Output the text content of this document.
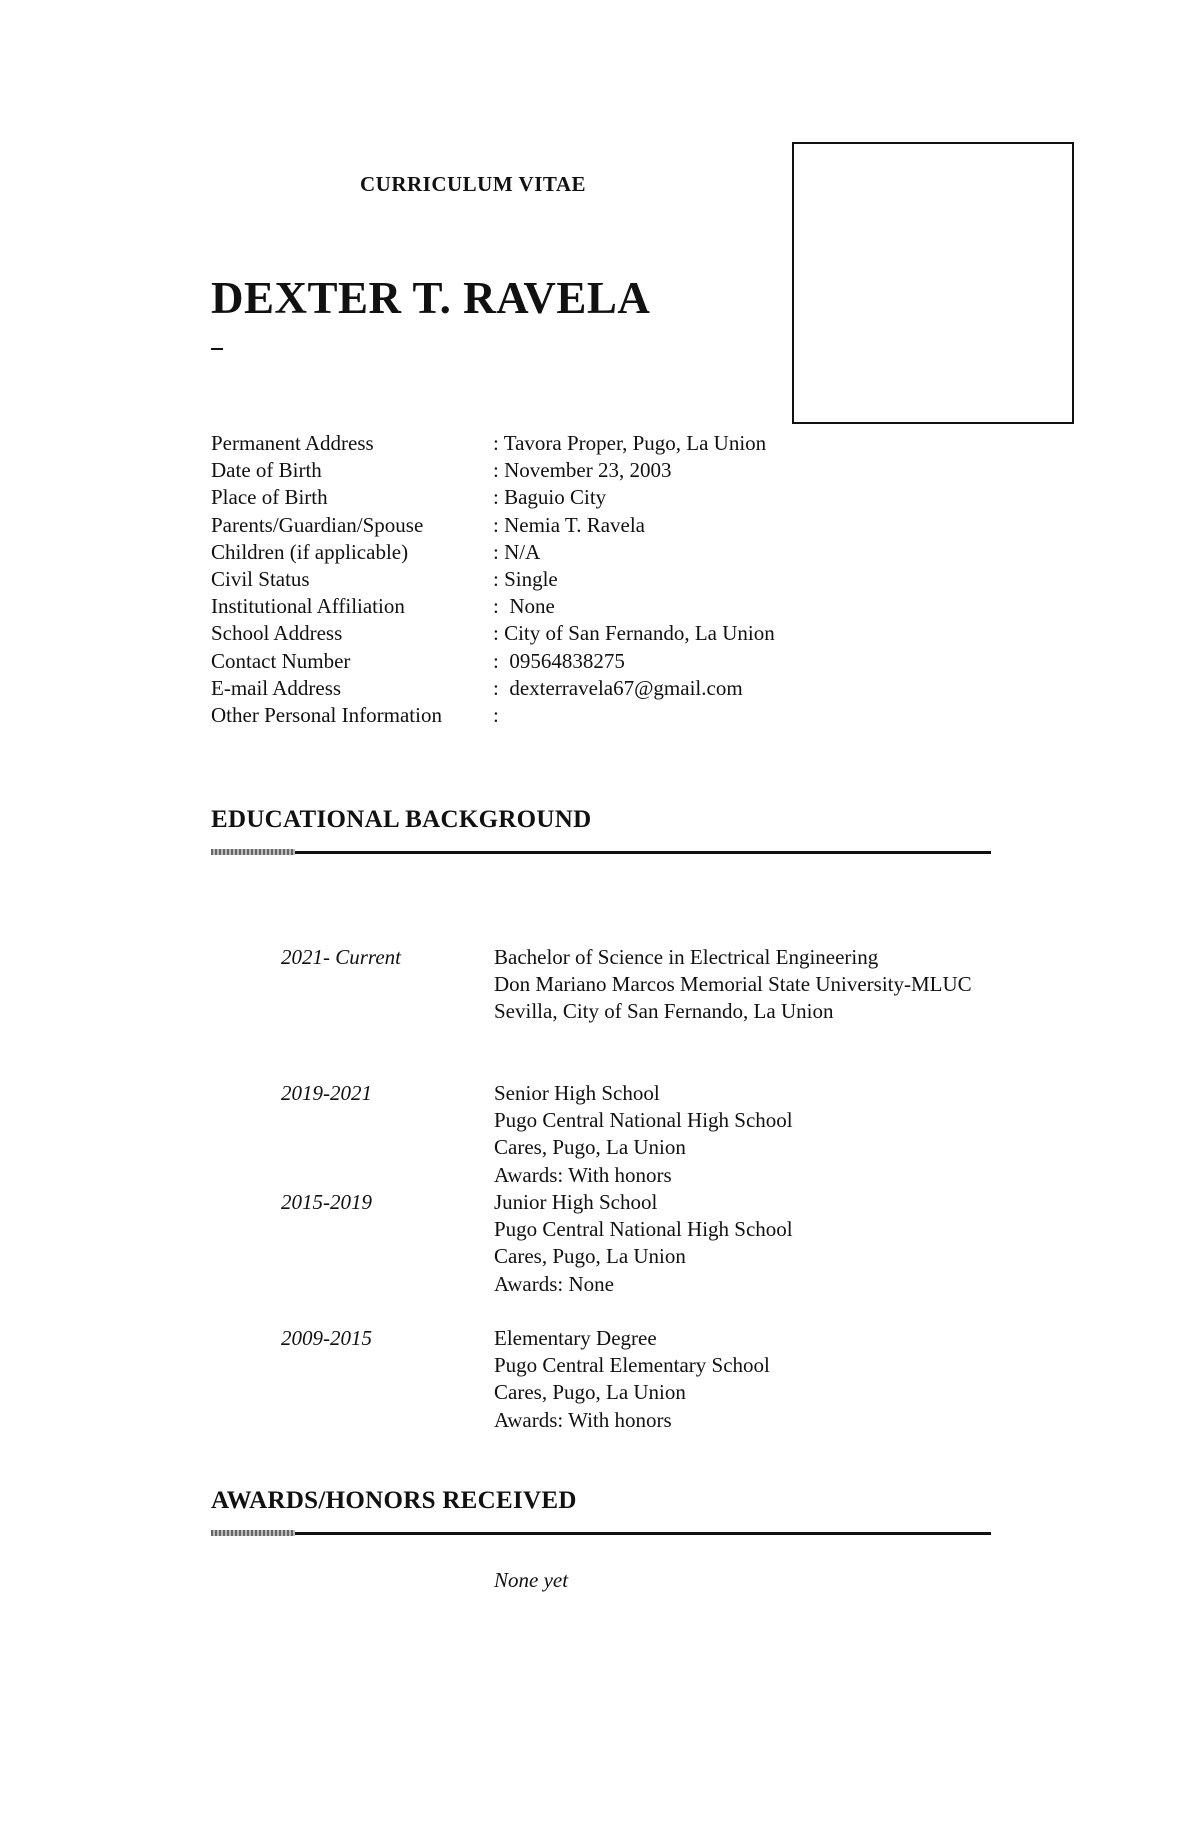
CURRICULUM VITAE
DEXTER T. RAVELA
Permanent Address	: Tavora Proper, Pugo, La Union
Date of Birth	: November 23, 2003
Place of Birth	: Baguio City
Parents/Guardian/Spouse	: Nemia T. Ravela
Children (if applicable)	: N/A
Civil Status	: Single
Institutional Affiliation	:  None
School Address	: City of San Fernando, La Union
Contact Number	:  09564838275
E-mail Address	:  dexterravela67@gmail.com
Other Personal Information	:
EDUCATIONAL BACKGROUND
2021- Current	Bachelor of Science in Electrical Engineering
Don Mariano Marcos Memorial State University-MLUC
Sevilla, City of San Fernando, La Union
2019-2021	Senior High School
Pugo Central National High School
Cares, Pugo, La Union
Awards: With honors
2015-2019	Junior High School
Pugo Central National High School
Cares, Pugo, La Union
Awards: None
2009-2015	Elementary Degree
Pugo Central Elementary School
Cares, Pugo, La Union
Awards: With honors
AWARDS/HONORS RECEIVED
None yet
